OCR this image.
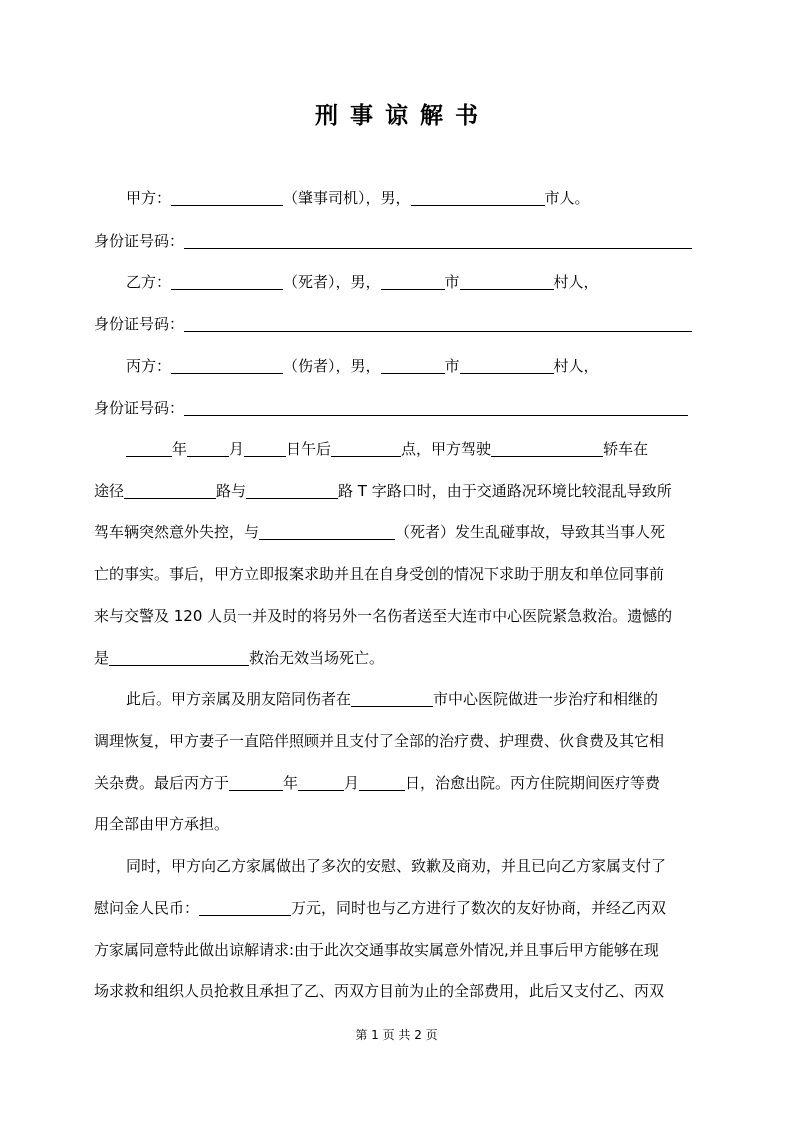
刑事谅解书
甲方：	（肇事司机），男，	市人。
身份证号码：
乙方：	（死者），男，	市	村人，
身份证号码：
丙方：	（伤者），男，	市	村人，
身份证号码：
年	月	日午后	点，甲方驾驶	轿车在
途径	路与	路 T 字路口时，由于交通路况环境比较混乱导致所
驾车辆突然意外失控，与	（死者）发生乱碰事故，导致其当事人死
亡的事实。事后，甲方立即报案求助并且在自身受创的情况下求助于朋友和单位同事前
来与交警及 120 人员一并及时的将另外一名伤者送至大连市中心医院紧急救治。遗憾的
是	救治无效当场死亡。
此后。甲方亲属及朋友陪同伤者在	市中心医院做进一步治疗和相继的
调理恢复，甲方妻子一直陪伴照顾并且支付了全部的治疗费、护理费、伙食费及其它相
关杂费。最后丙方于	年	月	日，治愈出院。丙方住院期间医疗等费
用全部由甲方承担。
同时，甲方向乙方家属做出了多次的安慰、致歉及商劝，并且已向乙方家属支付了
慰问金人民币：	万元，同时也与乙方进行了数次的友好协商，并经乙丙双
方家属同意特此做出谅解请求:由于此次交通事故实属意外情况,并且事后甲方能够在现
场求救和组织人员抢救且承担了乙、丙双方目前为止的全部费用，此后又支付乙、丙双
第 1 页 共 2 页
